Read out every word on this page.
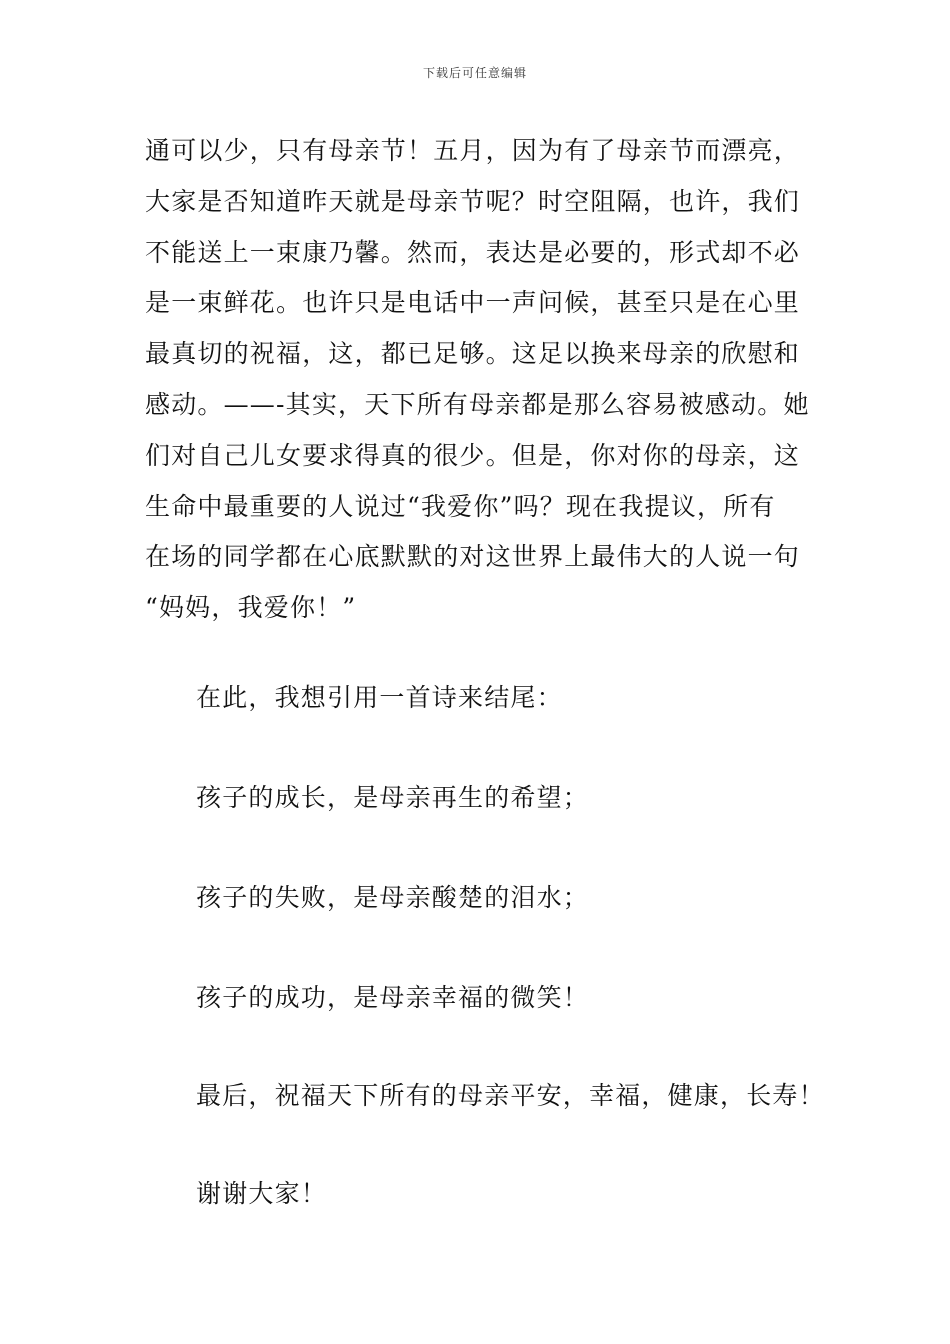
下载后可任意编辑

通可以少，只有母亲节！五月，因为有了母亲节而漂亮，
大家是否知道昨天就是母亲节呢？时空阻隔，也许，我们
不能送上一束康乃馨。然而，表达是必要的，形式却不必
是一束鲜花。也许只是电话中一声问候，甚至只是在心里
最真切的祝福，这，都已足够。这足以换来母亲的欣慰和
感动。——-其实，天下所有母亲都是那么容易被感动。她
们对自己儿女要求得真的很少。但是，你对你的母亲，这
生命中最重要的人说过“我爱你”吗？现在我提议，所有
在场的同学都在心底默默的对这世界上最伟大的人说一句
“妈妈，我爱你！”

在此，我想引用一首诗来结尾：

孩子的成长，是母亲再生的希望；

孩子的失败，是母亲酸楚的泪水；

孩子的成功，是母亲幸福的微笑！

最后，祝福天下所有的母亲平安，幸福，健康，长寿！

谢谢大家！
